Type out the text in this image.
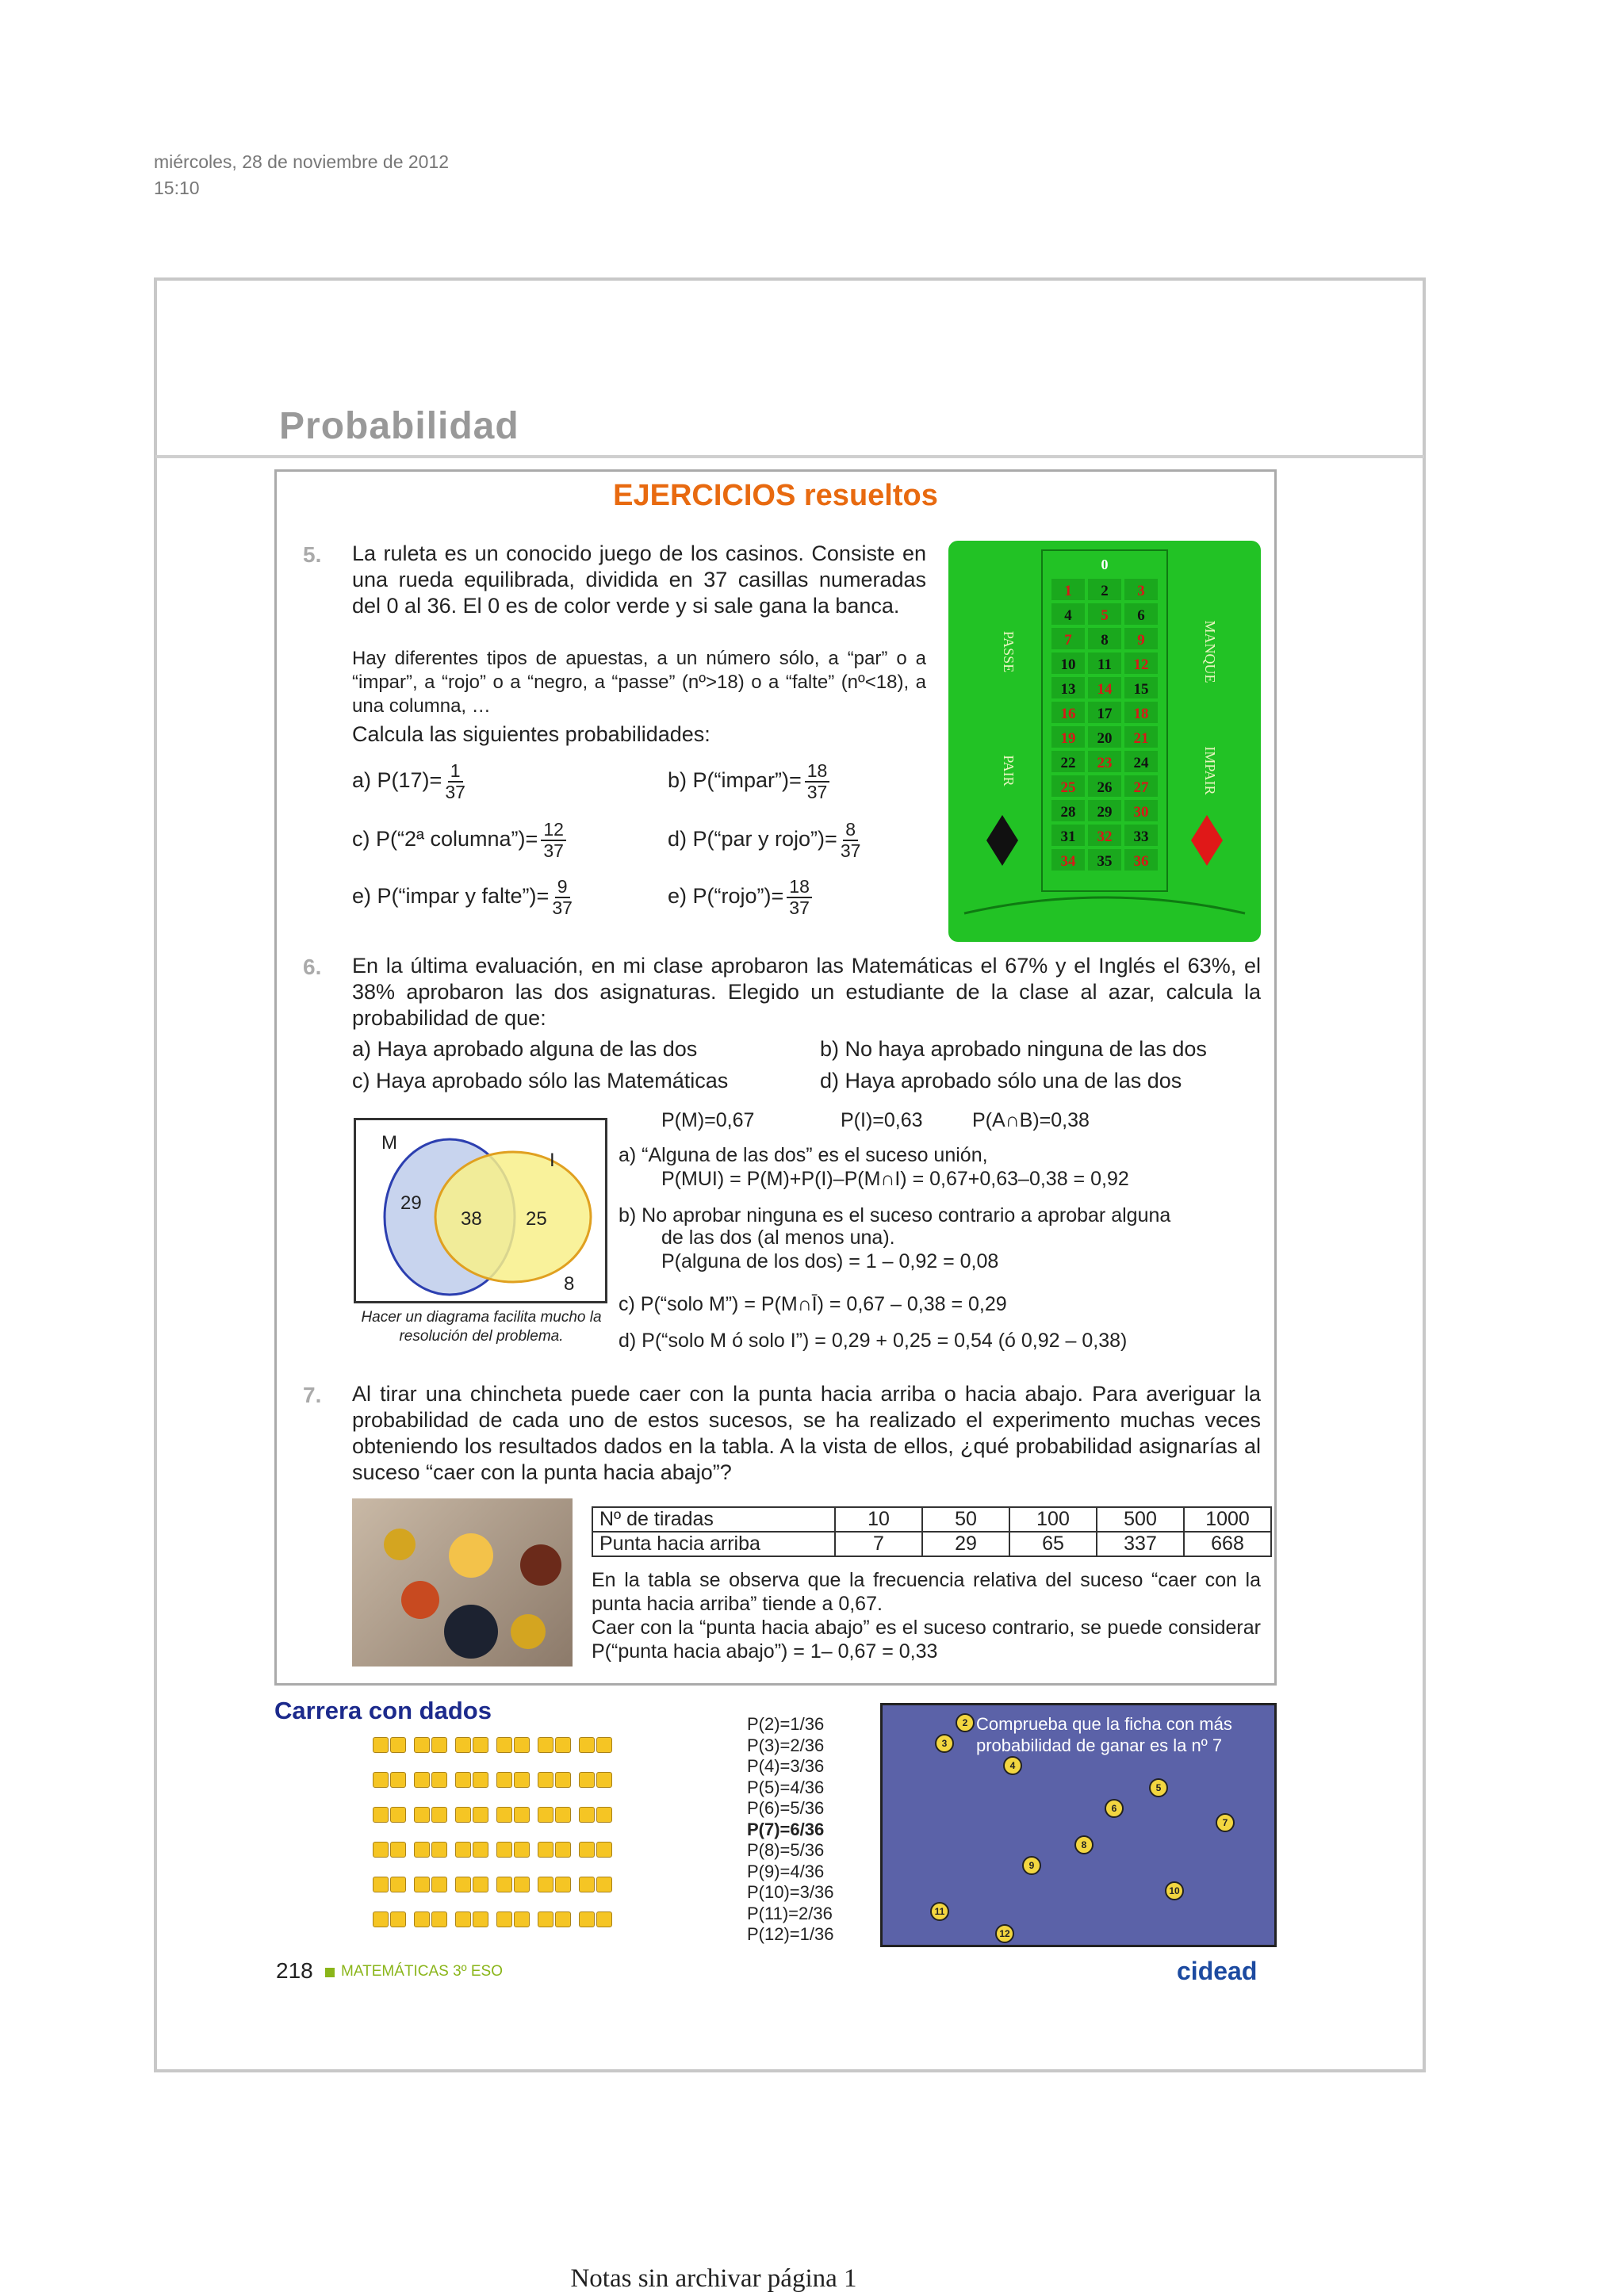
miércoles, 28 de noviembre de 2012
15:10
Probabilidad
EJERCICIOS resueltos
5. La ruleta es un conocido juego de los casinos. Consiste en una rueda equilibrada, dividida en 37 casillas numeradas del 0 al 36. El 0 es de color verde y si sale gana la banca.
Hay diferentes tipos de apuestas, a un número sólo, a “par” o a “impar”, a “rojo” o a “negro, a “passe” (nº>18) o a “falte” (nº<18), a una columna, …
Calcula las siguientes probabilidades:
a) $P(17)= \frac{1}{37}$	b) P(“impar”)= $\frac{18}{37}$
c) P(“2ª columna”)= $\frac{12}{37}$	d) P(“par y rojo”)= $\frac{8}{37}$
e) P(“impar y falte”)= $\frac{9}{37}$	e) P(“rojo”)= $\frac{18}{37}$
0
1 2 3
4 5 6
7 8 9
10 11 12
13 14 15
16 17 18
19 20 21
22 23 24
25 26 27
28 29 30
31 32 33
34 35 36
PASSE
PAIR
MANQUE
IMPAIR
6. En la última evaluación, en mi clase aprobaron las Matemáticas el 67% y el Inglés el 63%, el 38% aprobaron las dos asignaturas. Elegido un estudiante de la clase al azar, calcula la probabilidad de que:
a) Haya aprobado alguna de las dos	b) No haya aprobado ninguna de las dos
c) Haya aprobado sólo las Matemáticas	d) Haya aprobado sólo una de las dos
P(M)=0,67	P(I)=0,63 P(A∩B)=0,38
M
I
29
38 25
8
Hacer un diagrama facilita mucho la resolución del problema.
a) “Alguna de las dos” es el suceso unión,
P(MUI) = P(M)+P(I)–P(M∩I) = 0,67+0,63–0,38 = 0,92
b) No aprobar ninguna es el suceso contrario a aprobar alguna
de las dos (al menos una).
P(alguna de los dos) = 1 – 0,92 = 0,08
c) P(“solo M”) = P(M∩Ī) = 0,67 – 0,38 = 0,29
d) P(“solo M ó solo I”) = 0,29 + 0,25 = 0,54 (ó 0,92 – 0,38)
7. Al tirar una chincheta puede caer con la punta hacia arriba o hacia abajo. Para averiguar la probabilidad de cada uno de estos sucesos, se ha realizado el experimento muchas veces obteniendo los resultados dados en la tabla. A la vista de ellos, ¿qué probabilidad asignarías al suceso “caer con la punta hacia abajo”?
Nº de tiradas	10	50	100	500	1000
Punta hacia arriba	7	29	65	337	668
En la tabla se observa que la frecuencia relativa del suceso “caer con la punta hacia arriba” tiende a 0,67.
Caer con la “punta hacia abajo” es el suceso contrario, se puede considerar P(“punta hacia abajo”) = 1– 0,67 = 0,33
Carrera con dados	P(2)=1/36
P(3)=2/36
P(4)=3/36
P(5)=4/36
P(6)=5/36
P(7)=6/36
P(8)=5/36
P(9)=4/36
P(10)=3/36
P(11)=2/36
P(12)=1/36
Comprueba que la ficha con más probabilidad de ganar es la nº 7
2
3
4
5
6
7
8
9
10
11
12
218 MATEMÁTICAS 3º ESO	cidead
Notas sin archivar página 1
